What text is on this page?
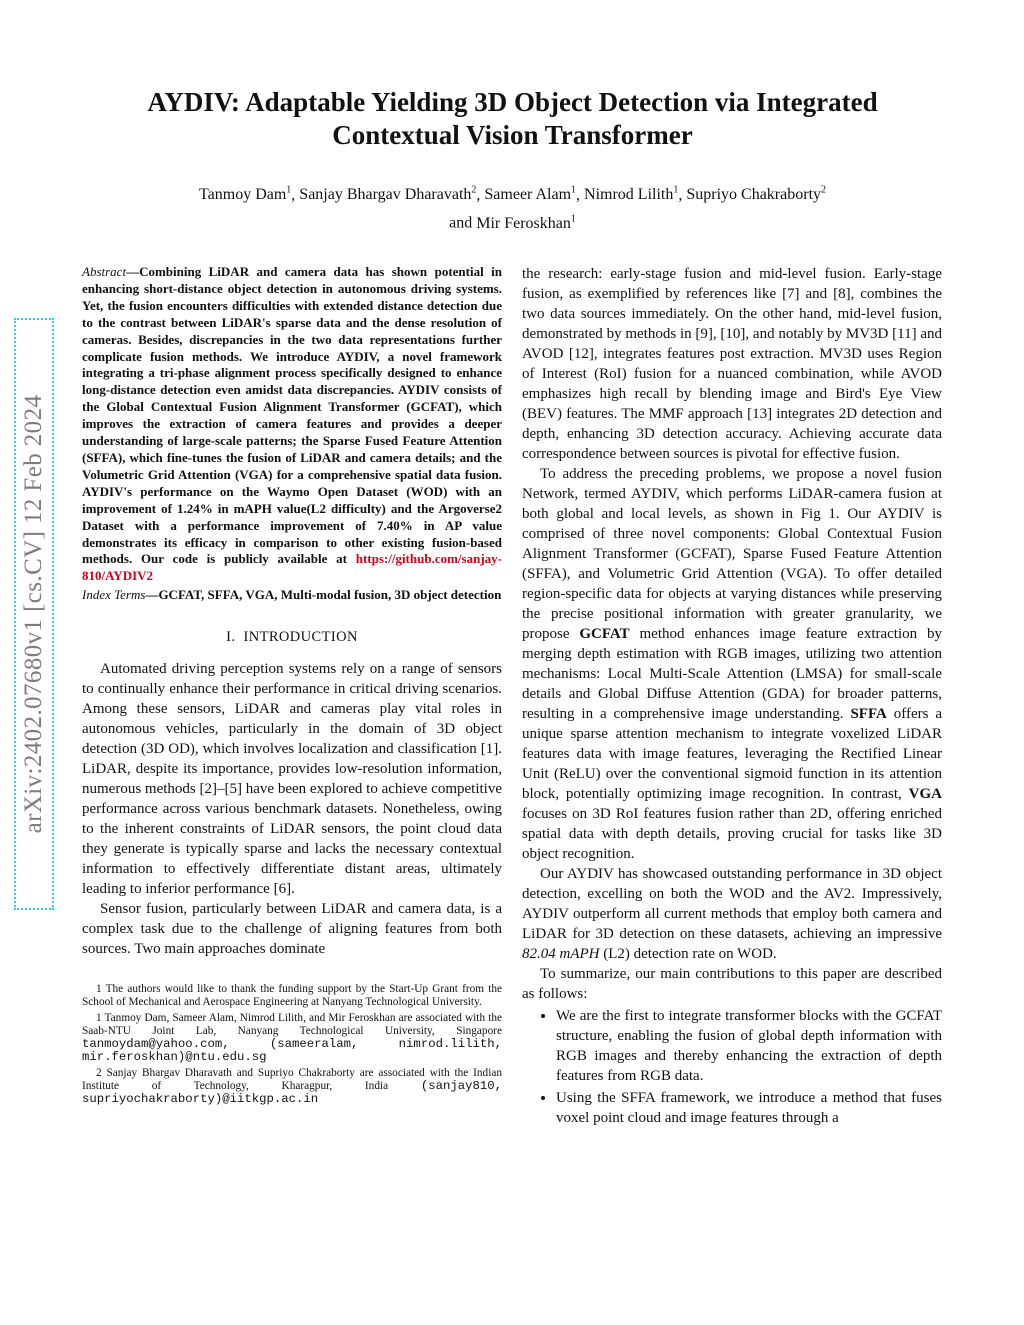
arXiv:2402.07680v1 [cs.CV] 12 Feb 2024
AYDIV: Adaptable Yielding 3D Object Detection via Integrated
Contextual Vision Transformer

Tanmoy Dam$^1$, Sanjay Bhargav Dharavath$^2$, Sameer Alam$^1$, Nimrod Lilith$^1$, Supriyo Chakraborty$^2$
and Mir Feroskhan$^1$

Abstract—Combining LiDAR and camera data has shown potential in enhancing short-distance object detection in autonomous driving systems. Yet, the fusion encounters difficulties with extended distance detection due to the contrast between LiDAR's sparse data and the dense resolution of cameras. Besides, discrepancies in the two data representations further complicate fusion methods. We introduce AYDIV, a novel framework integrating a tri-phase alignment process specifically designed to enhance long-distance detection even amidst data discrepancies. AYDIV consists of the Global Contextual Fusion Alignment Transformer (GCFAT), which improves the extraction of camera features and provides a deeper understanding of large-scale patterns; the Sparse Fused Feature Attention (SFFA), which fine-tunes the fusion of LiDAR and camera details; and the Volumetric Grid Attention (VGA) for a comprehensive spatial data fusion. AYDIV's performance on the Waymo Open Dataset (WOD) with an improvement of 1.24% in mAPH value(L2 difficulty) and the Argoverse2 Dataset with a performance improvement of 7.40% in AP value demonstrates its efficacy in comparison to other existing fusion-based methods. Our code is publicly available at https://github.com/sanjay-810/AYDIV2

Index Terms—GCFAT, SFFA, VGA, Multi-modal fusion, 3D object detection

I. INTRODUCTION

Automated driving perception systems rely on a range of sensors to continually enhance their performance in critical driving scenarios. Among these sensors, LiDAR and cameras play vital roles in autonomous vehicles, particularly in the domain of 3D object detection (3D OD), which involves localization and classification [1]. LiDAR, despite its importance, provides low-resolution information, numerous methods [2]–[5] have been explored to achieve competitive performance across various benchmark datasets. Nonetheless, owing to the inherent constraints of LiDAR sensors, the point cloud data they generate is typically sparse and lacks the necessary contextual information to effectively differentiate distant areas, ultimately leading to inferior performance [6].

Sensor fusion, particularly between LiDAR and camera data, is a complex task due to the challenge of aligning features from both sources. Two main approaches dominate

1 The authors would like to thank the funding support by the Start-Up Grant from the School of Mechanical and Aerospace Engineering at Nanyang Technological University.

1 Tanmoy Dam, Sameer Alam, Nimrod Lilith, and Mir Feroskhan are associated with the Saab-NTU Joint Lab, Nanyang Technological University, Singapore tanmoydam@yahoo.com, (sameeralam, nimrod.lilith, mir.feroskhan)@ntu.edu.sg

2 Sanjay Bhargav Dharavath and Supriyo Chakraborty are associated with the Indian Institute of Technology, Kharagpur, India (sanjay810, supriyochakraborty)@iitkgp.ac.in

the research: early-stage fusion and mid-level fusion. Early-stage fusion, as exemplified by references like [7] and [8], combines the two data sources immediately. On the other hand, mid-level fusion, demonstrated by methods in [9], [10], and notably by MV3D [11] and AVOD [12], integrates features post extraction. MV3D uses Region of Interest (RoI) fusion for a nuanced combination, while AVOD emphasizes high recall by blending image and Bird's Eye View (BEV) features. The MMF approach [13] integrates 2D detection and depth, enhancing 3D detection accuracy. Achieving accurate data correspondence between sources is pivotal for effective fusion.

To address the preceding problems, we propose a novel fusion Network, termed AYDIV, which performs LiDAR-camera fusion at both global and local levels, as shown in Fig 1. Our AYDIV is comprised of three novel components: Global Contextual Fusion Alignment Transformer (GCFAT), Sparse Fused Feature Attention (SFFA), and Volumetric Grid Attention (VGA). To offer detailed region-specific data for objects at varying distances while preserving the precise positional information with greater granularity, we propose GCFAT method enhances image feature extraction by merging depth estimation with RGB images, utilizing two attention mechanisms: Local Multi-Scale Attention (LMSA) for small-scale details and Global Diffuse Attention (GDA) for broader patterns, resulting in a comprehensive image understanding. SFFA offers a unique sparse attention mechanism to integrate voxelized LiDAR features data with image features, leveraging the Rectified Linear Unit (ReLU) over the conventional sigmoid function in its attention block, potentially optimizing image recognition. In contrast, VGA focuses on 3D RoI features fusion rather than 2D, offering enriched spatial data with depth details, proving crucial for tasks like 3D object recognition.

Our AYDIV has showcased outstanding performance in 3D object detection, excelling on both the WOD and the AV2. Impressively, AYDIV outperform all current methods that employ both camera and LiDAR for 3D detection on these datasets, achieving an impressive 82.04 mAPH (L2) detection rate on WOD.

To summarize, our main contributions to this paper are described as follows:

• We are the first to integrate transformer blocks with the GCFAT structure, enabling the fusion of global depth information with RGB images and thereby enhancing the extraction of depth features from RGB data.
• Using the SFFA framework, we introduce a method that fuses voxel point cloud and image features through a
